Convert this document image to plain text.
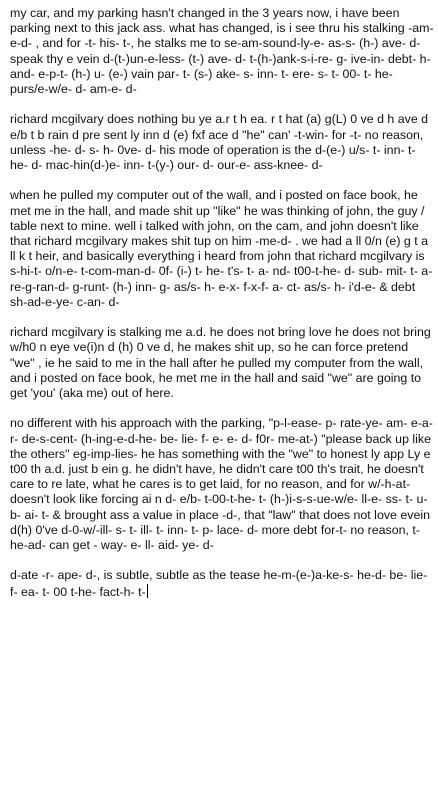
my car, and my parking hasn't changed in the 3 years now, i have been parking next to this jack ass. what has changed, is i see thru his stalking -am-e-d- , and for -t- his- t-, he stalks me to se-am-sound-ly-e- as-s- (h-) ave- d- speak thy e vein d-(t-)un-e-less- (t-) ave- d- t-(h-)ank-s-i-re- g- ive-in- debt- h-and- e-p-t- (h-) u- (e-) vain par- t- (s-) ake- s- inn- t- ere- s- t- 00- t- he- purs/e-w/e- d- am-e- d-

richard mcgilvary does nothing bu ye a.r t h ea. r t hat (a) g(L) 0 ve d h ave d e/b t b rain d pre sent ly inn d (e) fxf ace d "he" can' -t-win- for -t- no reason, unless -he- d- s- h- 0ve- d- his mode of operation is the d-(e-) u/s- t- inn- t- he- d- mac-hin(d-)e- inn- t-(y-) our- d- our-e- ass-knee- d-

when he pulled my computer out of the wall, and i posted on face book, he met me in the hall, and made shit up "like" he was thinking of john, the guy / table next to mine. well i talked with john, on the cam, and john doesn't like that richard mcgilvary makes shit tup on him -me-d- . we had a ll 0/n (e) g t a ll k t heir, and basically everything i heard from john that richard mcgilvary is s-hi-t- o/n-e- t-com-man-d- 0f- (i-) t- he- t's- t- a- nd- t00-t-he- d- sub- mit- t- a- re-g-ran-d- g-runt- (h-) inn- g- as/s- h- e-x- f-x-f- a- ct- as/s- h- i'd-e- & debt sh-ad-e-ye- c-an- d-

richard mcgilvary is stalking me a.d. he does not bring love he does not bring w/h0 n eye ve(i)n d (h) 0 ve d, he makes shit up, so he can force pretend "we" , ie he said to me in the hall after he pulled my computer from the wall, and i posted on face book, he met me in the hall and said "we" are going to get 'you' (aka me) out of here.

no different with his approach with the parking, "p-l-ease- p- rate-ye- am- e-a-r- de-s-cent- (h-ing-e-d-he- be- lie- f- e- e- d- f0r- me-at-) "please back up like the others" eg-imp-lies- he has something with the "we" to honest ly app Ly e t00 th a.d. just b ein g. he didn't have, he didn't care t00 th's trait, he doesn't care to re late, what he cares is to get laid, for no reason, and for w/-h-at- doesn't look like forcing ai n d- e/b- t-00-t-he- t- (h-)i-s-s-ue-w/e- ll-e- ss- t- u- b- ai- t- & brought ass a value in place -d-, that "law" that does not love evein d(h) 0've d-0-w/-ill- s- t- ill- t- inn- t- p- lace- d- more debt for-t- no reason, t-he-ad- can get - way- e- ll- aid- ye- d-

d-ate -r- ape- d-, is subtle, subtle as the tease he-m-(e-)a-ke-s- he-d- be- lie- f- ea- t- 00 t-he- fact-h- t-
